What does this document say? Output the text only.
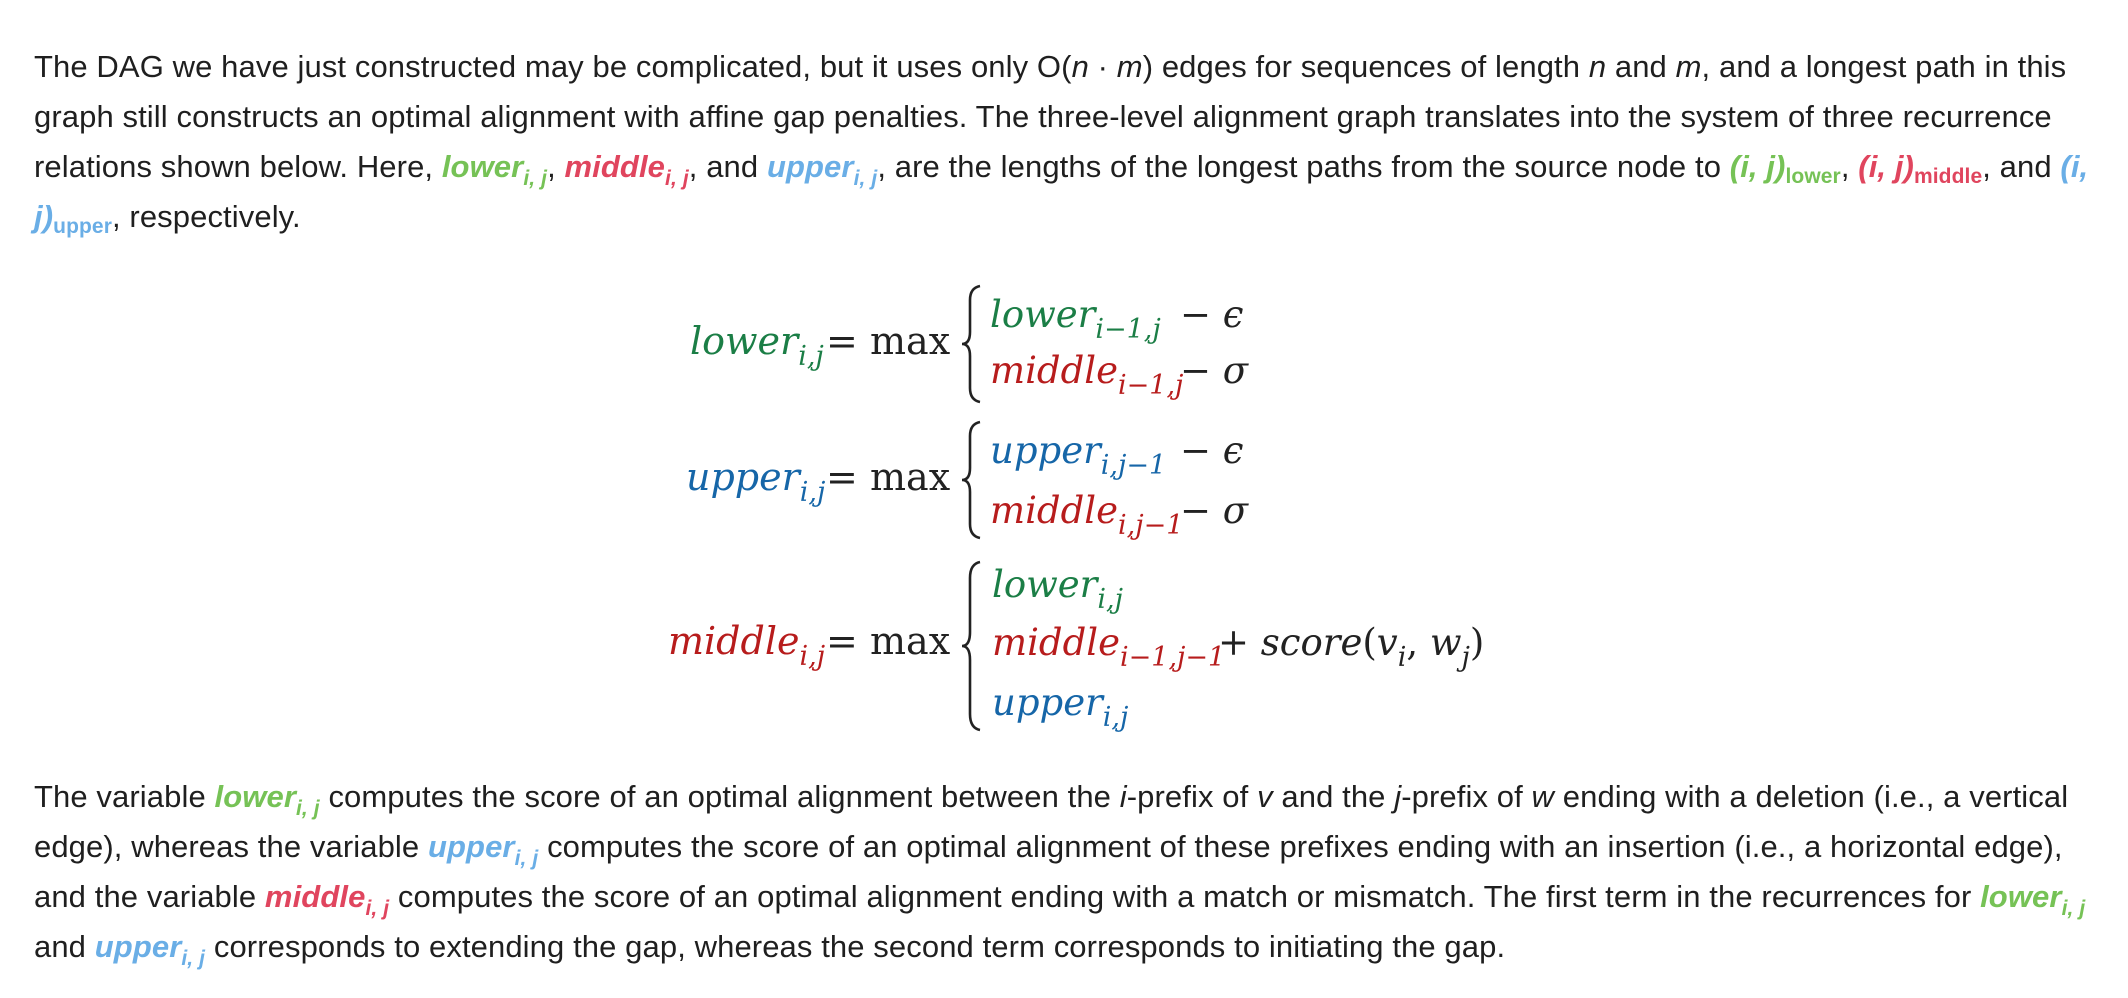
The DAG we have just constructed may be complicated, but it uses only O(n · m) edges for sequences of length n and m, and a longest path in this graph still constructs an optimal alignment with affine gap penalties. The three-level alignment graph translates into the system of three recurrence relations shown below. Here, lower$_{i, j}$, middle$_{i, j}$, and upper$_{i, j}$, are the lengths of the longest paths from the source node to (i, j)lower, (i, j)middle, and (i, j)upper, respectively.

lower$_{i,j}$ = max
lower$_{i-1,j}$ − ϵ
middle$_{i-1,j}$
− σ
upper$_{i,j}$ = max
upper$_{i,j-1}$ − ϵ
middle$_{i,j-1}$
− σ
middle$_{i,j}$ = max
lower$_{i,j}$
middle$_{i-1,j-1}$
+ $score(v_i$, $w_j$)
upper$_{i,j}$

The variable lower$_{i, j}$ computes the score of an optimal alignment between the i-prefix of v and the j-prefix of w ending with a deletion (i.e., a vertical edge), whereas the variable upper$_{i, j}$ computes the score of an optimal alignment of these prefixes ending with an insertion (i.e., a horizontal edge), and the variable middle$_{i, j}$ computes the score of an optimal alignment ending with a match or mismatch. The first term in the recurrences for lower$_{i, j}$ and upper$_{i, j}$ corresponds to extending the gap, whereas the second term corresponds to initiating the gap.
